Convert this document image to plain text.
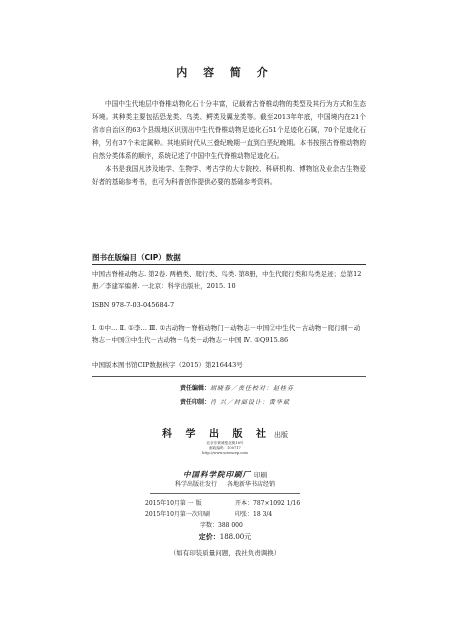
内 容 简 介

中国中生代地层中脊椎动物化石十分丰富，记载着古脊椎动物的类型及其行为方式和生态环境。其种类主要包括恐龙类、鸟类、鳄类及翼龙类等。截至2013年年底，中国境内在21个省市自治区的63个县级地区识别出中生代脊椎动物足迹化石51个足迹化石属，70个足迹化石种，另有37个未定属种。其地质时代从三叠纪晚期一直到白垩纪晚期。本书按照古脊椎动物的自然分类体系的顺序，系统记述了中国中生代脊椎动物足迹化石。

本书是我国凡涉及地学、生物学、考古学的大专院校、科研机构、博物馆及业余古生物爱好者的基础参考书，也可为科普创作提供必要的基础参考资料。

图书在版编目（CIP）数据
中国古脊椎动物志. 第2卷. 两栖类、爬行类、鸟类. 第8册，中生代爬行类和鸟类足迹；总第12册／李建军编著. 一北京：科学出版社，2015. 10
ISBN 978-7-03-045684-7
Ⅰ. ①中… Ⅱ. ①李… Ⅲ. ①古动物－脊椎动物门－动物志－中国②中生代－古动物－爬行纲－动物志－中国③中生代－古动物－鸟类－动物志－中国 Ⅳ. ①Q915.86
中国版本图书馆CIP数据核字（2015）第216443号
责任编辑：胡晓春／责任校对：赵桂芬
责任印制：肖 兴／封面设计：黄华斌
科 学 出 版 社 出版
北京东黄城根北街16号
邮政编码：100717
http://www.sciencep.com
中国科学院印刷厂 印刷
科学出版社发行 各地新华书店经销
2015年10月第 一 版	开本：787×1092 1/16
2015年10月第一次印刷	印张：18 3/4
字数：388 000
定价：188.00元
（如有印装质量问题，我社负责调换）
